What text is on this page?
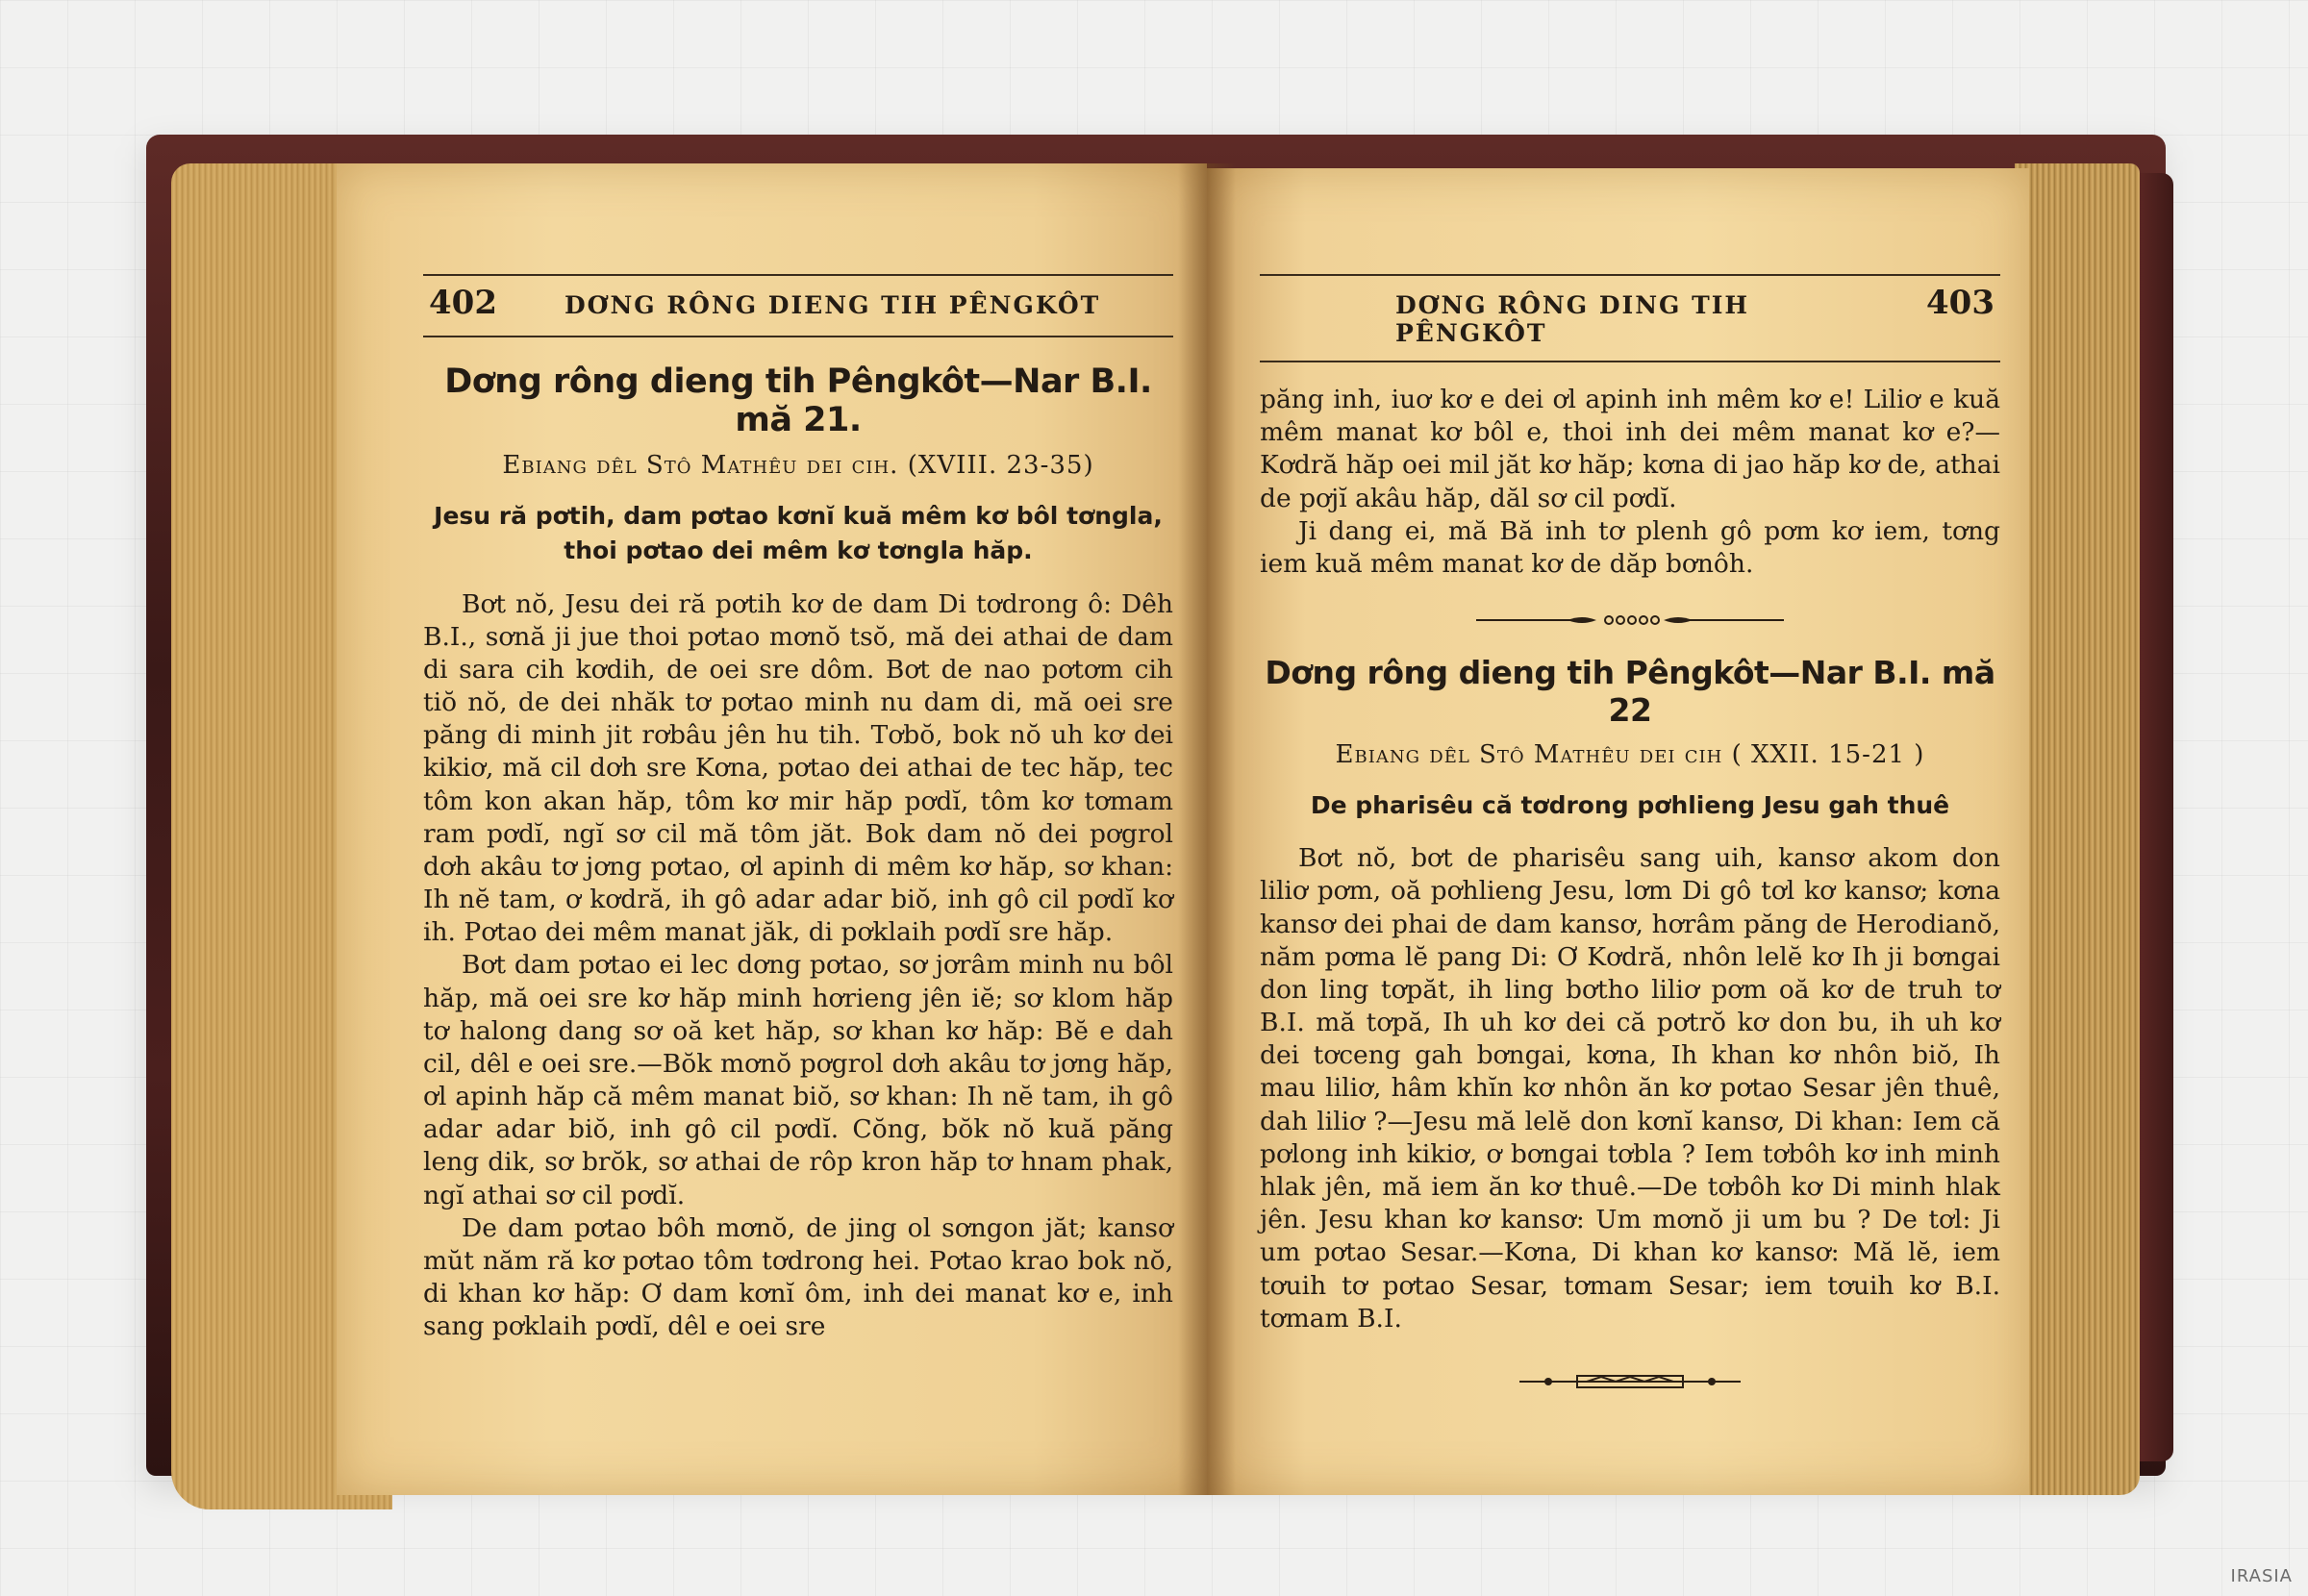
402	DƠNG RÔNG DIENG TIH PÊNGKÔT
Dơng rông dieng tih Pêngkôt—Nar B.I. mă 21.
Ebiang dêl Stô Mathêu dei cih. (XVIII. 23-35)
Jesu ră pơtih, dam pơtao kơnĭ kuă mêm kơ bôl tơngla,
thoi pơtao dei mêm kơ tơngla hăp.

Bơt nŏ, Jesu dei ră pơtih kơ de dam Di tơdrong ô: Dêh B.I., sơnă ji jue thoi pơtao mơnŏ tsŏ, mă dei athai de dam di sara cih kơdih, de oei sre dôm. Bơt de nao pơtơm cih tiŏ nŏ, de dei nhăk tơ pơtao minh nu dam di, mă oei sre păng di minh jit rơbâu jên hu tih. Tơbŏ, bok nŏ uh kơ dei kikiơ, mă cil dơh sre Kơna, pơtao dei athai de tec hăp, tec tôm kon akan hăp, tôm kơ mir hăp pơdĭ, tôm kơ tơmam ram pơdĭ, ngĭ sơ cil mă tôm jăt. Bok dam nŏ dei pơgrol dơh akâu tơ jơng pơtao, ơl apinh di mêm kơ hăp, sơ khan: Ih nĕ tam, ơ kơdră, ih gô adar adar biŏ, inh gô cil pơdĭ kơ ih. Pơtao dei mêm manat jăk, di pơklaih pơdĭ sre hăp.

Bơt dam pơtao ei lec dơng pơtao, sơ jơrâm minh nu bôl hăp, mă oei sre kơ hăp minh hơrieng jên iĕ; sơ klom hăp tơ halong dang sơ oă ket hăp, sơ khan kơ hăp: Bĕ e dah cil, dêl e oei sre.—Bŏk mơnŏ pơgrol dơh akâu tơ jơng hăp, ơl apinh hăp că mêm manat biŏ, sơ khan: Ih nĕ tam, ih gô adar adar biŏ, inh gô cil pơdĭ. Cŏng, bŏk nŏ kuă păng leng dik, sơ brŏk, sơ athai de rôp kron hăp tơ hnam phak, ngĭ athai sơ cil pơdĭ.

De dam pơtao bôh mơnŏ, de jing ol sơngon jăt; kansơ mŭt năm ră kơ pơtao tôm tơdrong hei. Pơtao krao bok nŏ, di khan kơ hăp: Ơ dam kơnĭ ôm, inh dei manat kơ e, inh sang pơklaih pơdĭ, dêl e oei sre

DƠNG RÔNG DING TIH PÊNGKÔT
403

păng inh, iuơ kơ e dei ơl apinh inh mêm kơ e! Liliơ e kuă mêm manat kơ bôl e, thoi inh dei mêm manat kơ e?—Kơdră hăp oei mil jăt kơ hăp; kơna di jao hăp kơ de, athai de pơjĭ akâu hăp, dăl sơ cil pơdĭ.

Ji dang ei, mă Bă inh tơ plenh gô pơm kơ iem, tơng iem kuă mêm manat kơ de dăp bơnôh.

Dơng rông dieng tih Pêngkôt—Nar B.I. mă 22
Ebiang dêl Stô Mathêu dei cih ( XXII. 15-21 )
De pharisêu că tơdrong pơhlieng Jesu gah thuê

Bơt nŏ, bơt de pharisêu sang uih, kansơ akom don liliơ pơm, oă pơhlieng Jesu, lơm Di gô tơl kơ kansơ; kơna kansơ dei phai de dam kansơ, hơrâm păng de Herodianŏ, năm pơma lĕ pang Di: Ơ Kơdră, nhôn lelĕ kơ Ih ji bơngai don ling tơpăt, ih ling bơtho liliơ pơm oă kơ de truh tơ B.I. mă tơpă, Ih uh kơ dei că pơtrŏ kơ don bu, ih uh kơ dei tơceng gah bơngai, kơna, Ih khan kơ nhôn biŏ, Ih mau liliơ, hâm khĭn kơ nhôn ăn kơ pơtao Sesar jên thuê, dah liliơ ?—Jesu mă lelĕ don kơnĭ kansơ, Di khan: Iem că pơlong inh kikiơ, ơ bơngai tơbla ? Iem tơbôh kơ inh minh hlak jên, mă iem ăn kơ thuê.—De tơbôh kơ Di minh hlak jên. Jesu khan kơ kansơ: Um mơnŏ ji um bu ? De tơl: Ji um pơtao Sesar.—Kơna, Di khan kơ kansơ: Mă lĕ, iem tơuih tơ pơtao Sesar, tơmam Sesar; iem tơuih kơ B.I. tơmam B.I.

IRASIA
